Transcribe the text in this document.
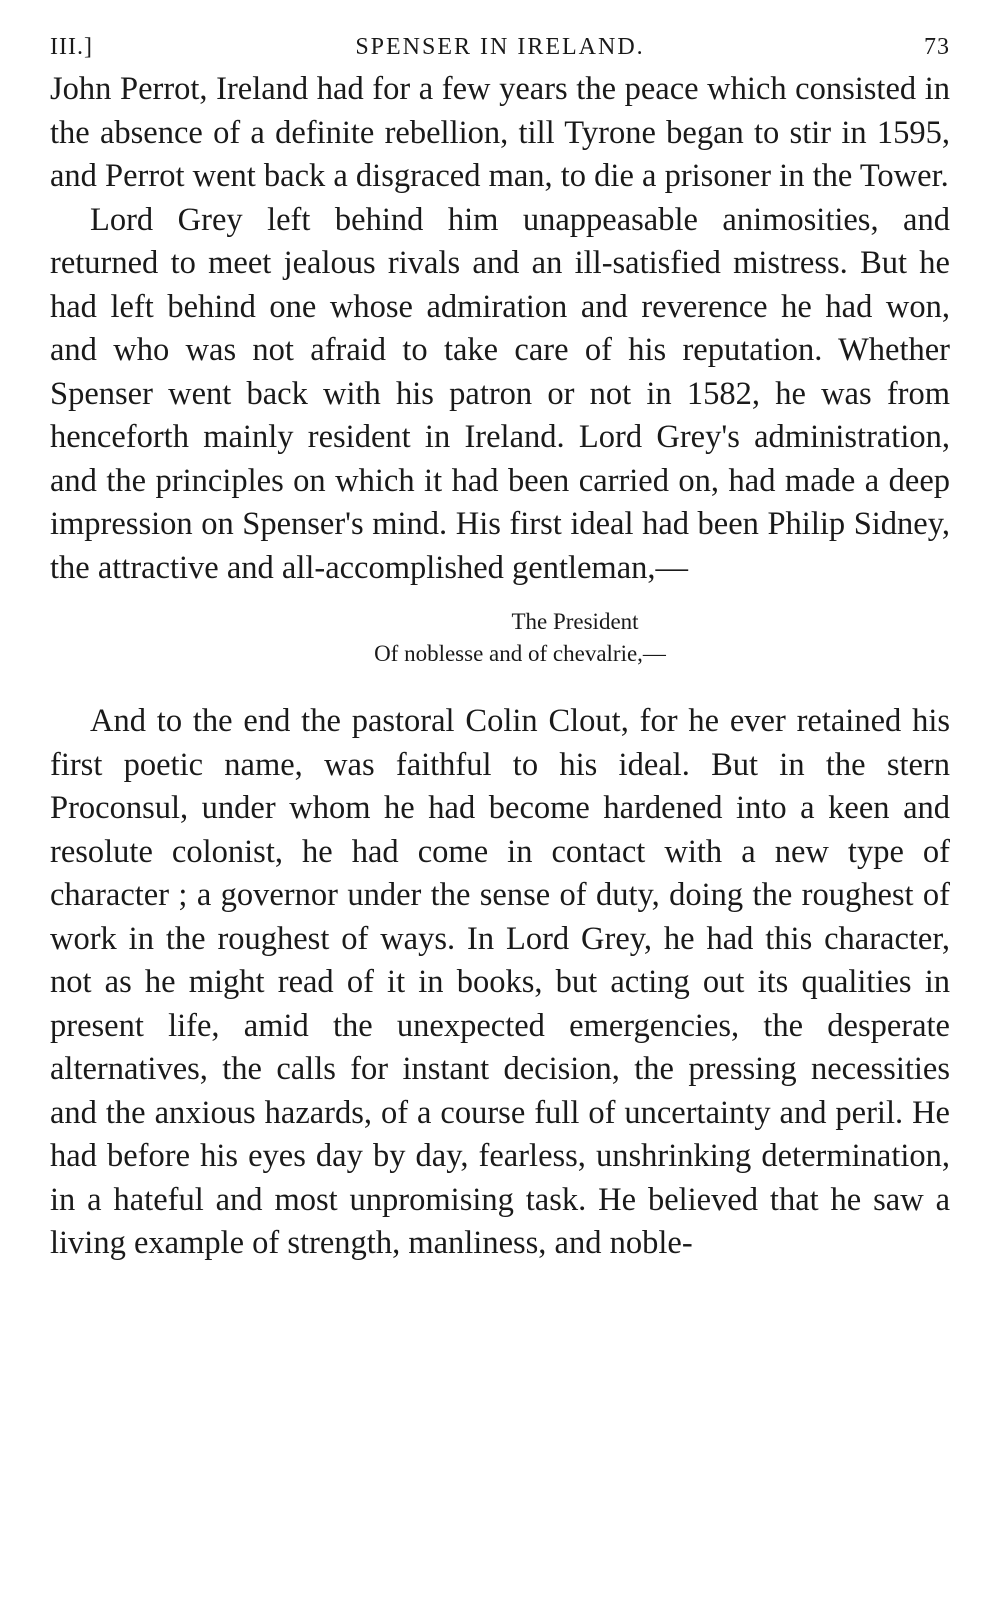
III.]	SPENSER IN IRELAND.	73

John Perrot, Ireland had for a few years the peace which consisted in the absence of a definite rebellion, till Tyrone began to stir in 1595, and Perrot went back a disgraced man, to die a prisoner in the Tower.

Lord Grey left behind him unappeasable animosities, and returned to meet jealous rivals and an ill-satisfied mistress. But he had left behind one whose admiration and reverence he had won, and who was not afraid to take care of his reputation. Whether Spenser went back with his patron or not in 1582, he was from henceforth mainly resident in Ireland. Lord Grey's administration, and the principles on which it had been carried on, had made a deep impression on Spenser's mind. His first ideal had been Philip Sidney, the attractive and all-accomplished gentleman,—

The President
Of noblesse and of chevalrie,—

And to the end the pastoral Colin Clout, for he ever retained his first poetic name, was faithful to his ideal. But in the stern Proconsul, under whom he had become hardened into a keen and resolute colonist, he had come in contact with a new type of character ; a governor under the sense of duty, doing the roughest of work in the roughest of ways. In Lord Grey, he had this character, not as he might read of it in books, but acting out its qualities in present life, amid the unexpected emergencies, the desperate alternatives, the calls for instant decision, the pressing necessities and the anxious hazards, of a course full of uncertainty and peril. He had before his eyes day by day, fearless, unshrinking determination, in a hateful and most unpromising task. He believed that he saw a living example of strength, manliness, and noble-
